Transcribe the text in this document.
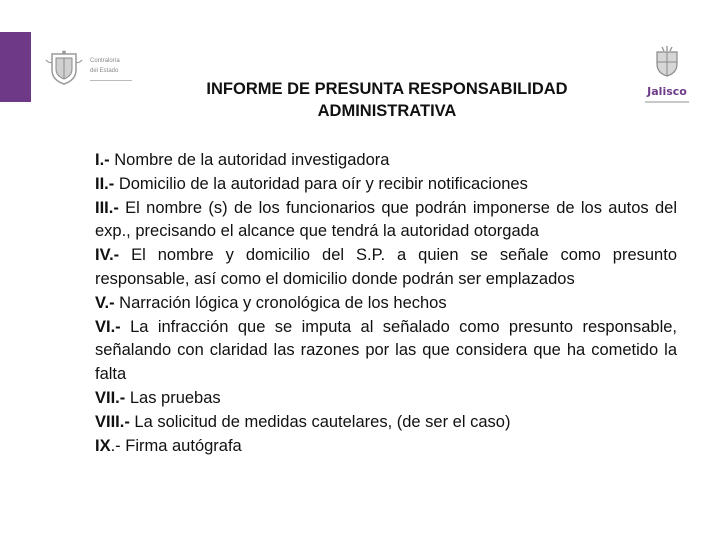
Contraloría
del Estado
Jalisco
INFORME DE PRESUNTA RESPONSABILIDAD
ADMINISTRATIVA

I.- Nombre de la autoridad investigadora

II.- Domicilio de la autoridad para oír y recibir notificaciones

III.- El nombre (s) de los funcionarios que podrán imponerse de los autos del exp., precisando el alcance que tendrá la autoridad otorgada

IV.- El nombre y domicilio del S.P. a quien se señale como presunto responsable, así como el domicilio donde podrán ser emplazados

V.- Narración lógica y cronológica de los hechos

VI.- La infracción que se imputa al señalado como presunto responsable, señalando con claridad las razones por las que considera que ha cometido la falta

VII.- Las pruebas

VIII.- La solicitud de medidas cautelares, (de ser el caso)

IX.- Firma autógrafa
